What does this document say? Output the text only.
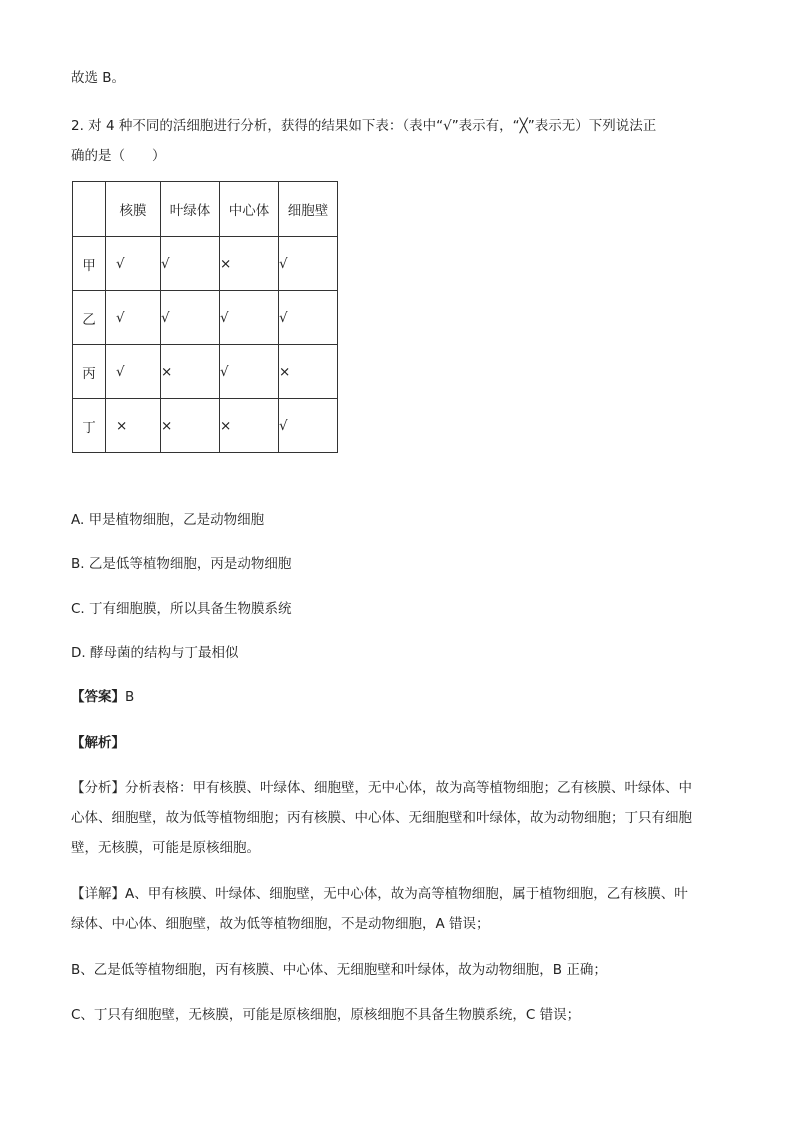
故选 B。

2. 对 4 种不同的活细胞进行分析，获得的结果如下表：（表中“√”表示有，“╳”表示无）下列说法正

确的是（　　）

	核膜	叶绿体	中心体	细胞壁
甲	√	√	×	√
乙	√	√	√	√
丙	√	×	√	×
丁	×	×	×	√

A. 甲是植物细胞，乙是动物细胞

B. 乙是低等植物细胞，丙是动物细胞

C. 丁有细胞膜，所以具备生物膜系统

D. 酵母菌的结构与丁最相似

【答案】B

【解析】

【分析】分析表格：甲有核膜、叶绿体、细胞壁，无中心体，故为高等植物细胞；乙有核膜、叶绿体、中

心体、细胞壁，故为低等植物细胞；丙有核膜、中心体、无细胞壁和叶绿体，故为动物细胞；丁只有细胞

壁，无核膜，可能是原核细胞。

【详解】A、甲有核膜、叶绿体、细胞壁，无中心体，故为高等植物细胞，属于植物细胞，乙有核膜、叶

绿体、中心体、细胞壁，故为低等植物细胞，不是动物细胞，A 错误；

B、乙是低等植物细胞，丙有核膜、中心体、无细胞壁和叶绿体，故为动物细胞，B 正确；

C、丁只有细胞壁，无核膜，可能是原核细胞，原核细胞不具备生物膜系统，C 错误；
